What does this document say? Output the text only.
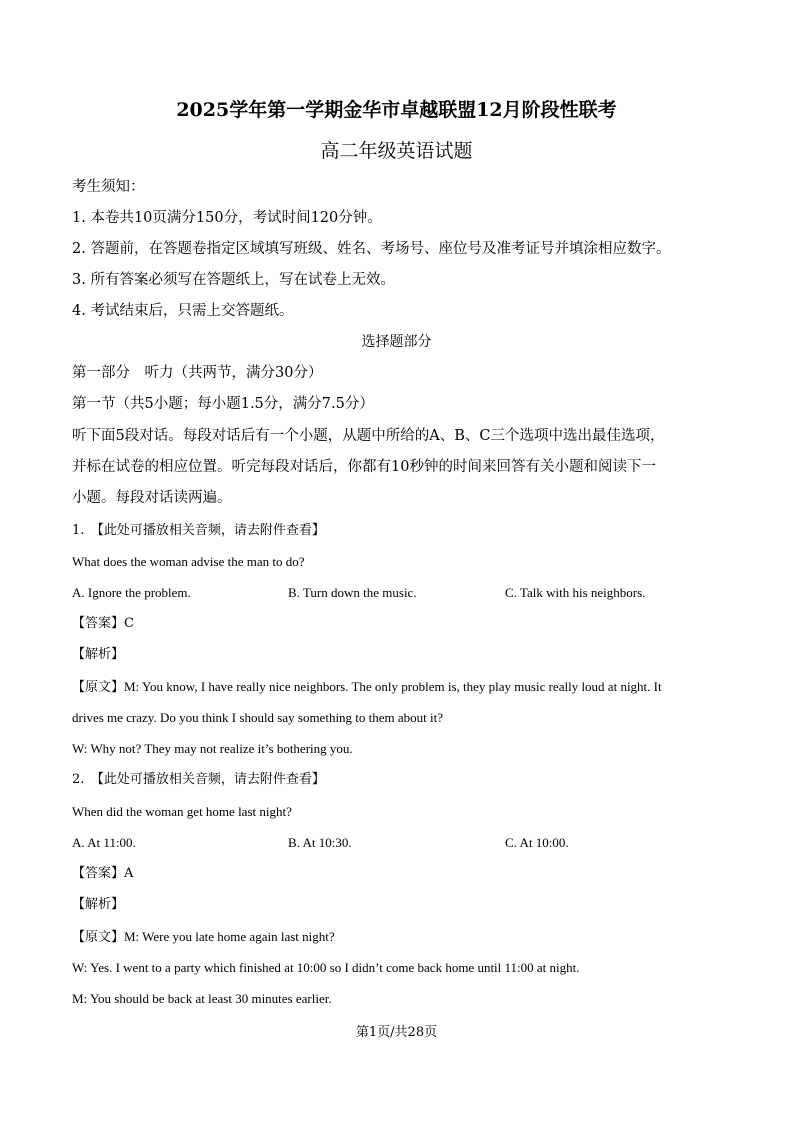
2025学年第一学期金华市卓越联盟12月阶段性联考
高二年级英语试题
考生须知：
1. 本卷共10页满分150分，考试时间120分钟。
2. 答题前，在答题卷指定区域填写班级、姓名、考场号、座位号及准考证号并填涂相应数字。
3. 所有答案必须写在答题纸上，写在试卷上无效。
4. 考试结束后，只需上交答题纸。
选择题部分
第一部分　听力（共两节，满分30分）
第一节（共5小题；每小题1.5分，满分7.5分）
听下面5段对话。每段对话后有一个小题，从题中所给的A、B、C三个选项中选出最佳选项，
并标在试卷的相应位置。听完每段对话后，你都有10秒钟的时间来回答有关小题和阅读下一
小题。每段对话读两遍。
1.　【此处可播放相关音频，请去附件查看】
What does the woman advise the man to do?
A. Ignore the problem.	B. Turn down the music.	C. Talk with his neighbors.
【答案】C
【解析】
【原文】M: You know, I have really nice neighbors. The only problem is, they play music really loud at night. It
drives me crazy. Do you think I should say something to them about it?
W: Why not? They may not realize it’s bothering you.
2.　【此处可播放相关音频，请去附件查看】
When did the woman get home last night?
A. At 11:00.	B. At 10:30.	C. At 10:00.
【答案】A
【解析】
【原文】M: Were you late home again last night?
W: Yes. I went to a party which finished at 10:00 so I didn’t come back home until 11:00 at night.
M: You should be back at least 30 minutes earlier.
第1页/共28页
